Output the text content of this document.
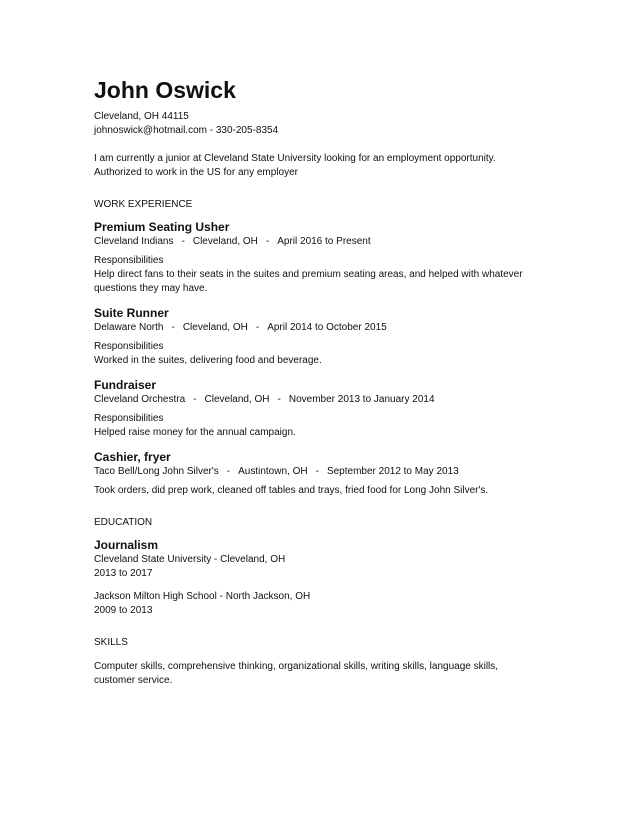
John Oswick

Cleveland, OH 44115

johnoswick@hotmail.com - 330-205-8354

I am currently a junior at Cleveland State University looking for an employment opportunity.

Authorized to work in the US for any employer

WORK EXPERIENCE

Premium Seating Usher

Cleveland Indians - Cleveland, OH - April 2016 to Present

Responsibilities

Help direct fans to their seats in the suites and premium seating areas, and helped with whatever questions they may have.

Suite Runner

Delaware North - Cleveland, OH - April 2014 to October 2015

Responsibilities

Worked in the suites, delivering food and beverage.

Fundraiser

Cleveland Orchestra - Cleveland, OH - November 2013 to January 2014

Responsibilities

Helped raise money for the annual campaign.

Cashier, fryer

Taco Bell/Long John Silver's - Austintown, OH - September 2012 to May 2013

Took orders, did prep work, cleaned off tables and trays, fried food for Long John Silver's.

EDUCATION

Journalism

Cleveland State University - Cleveland, OH

2013 to 2017

Jackson Milton High School - North Jackson, OH

2009 to 2013

SKILLS

Computer skills, comprehensive thinking, organizational skills, writing skills, language skills, customer service.
